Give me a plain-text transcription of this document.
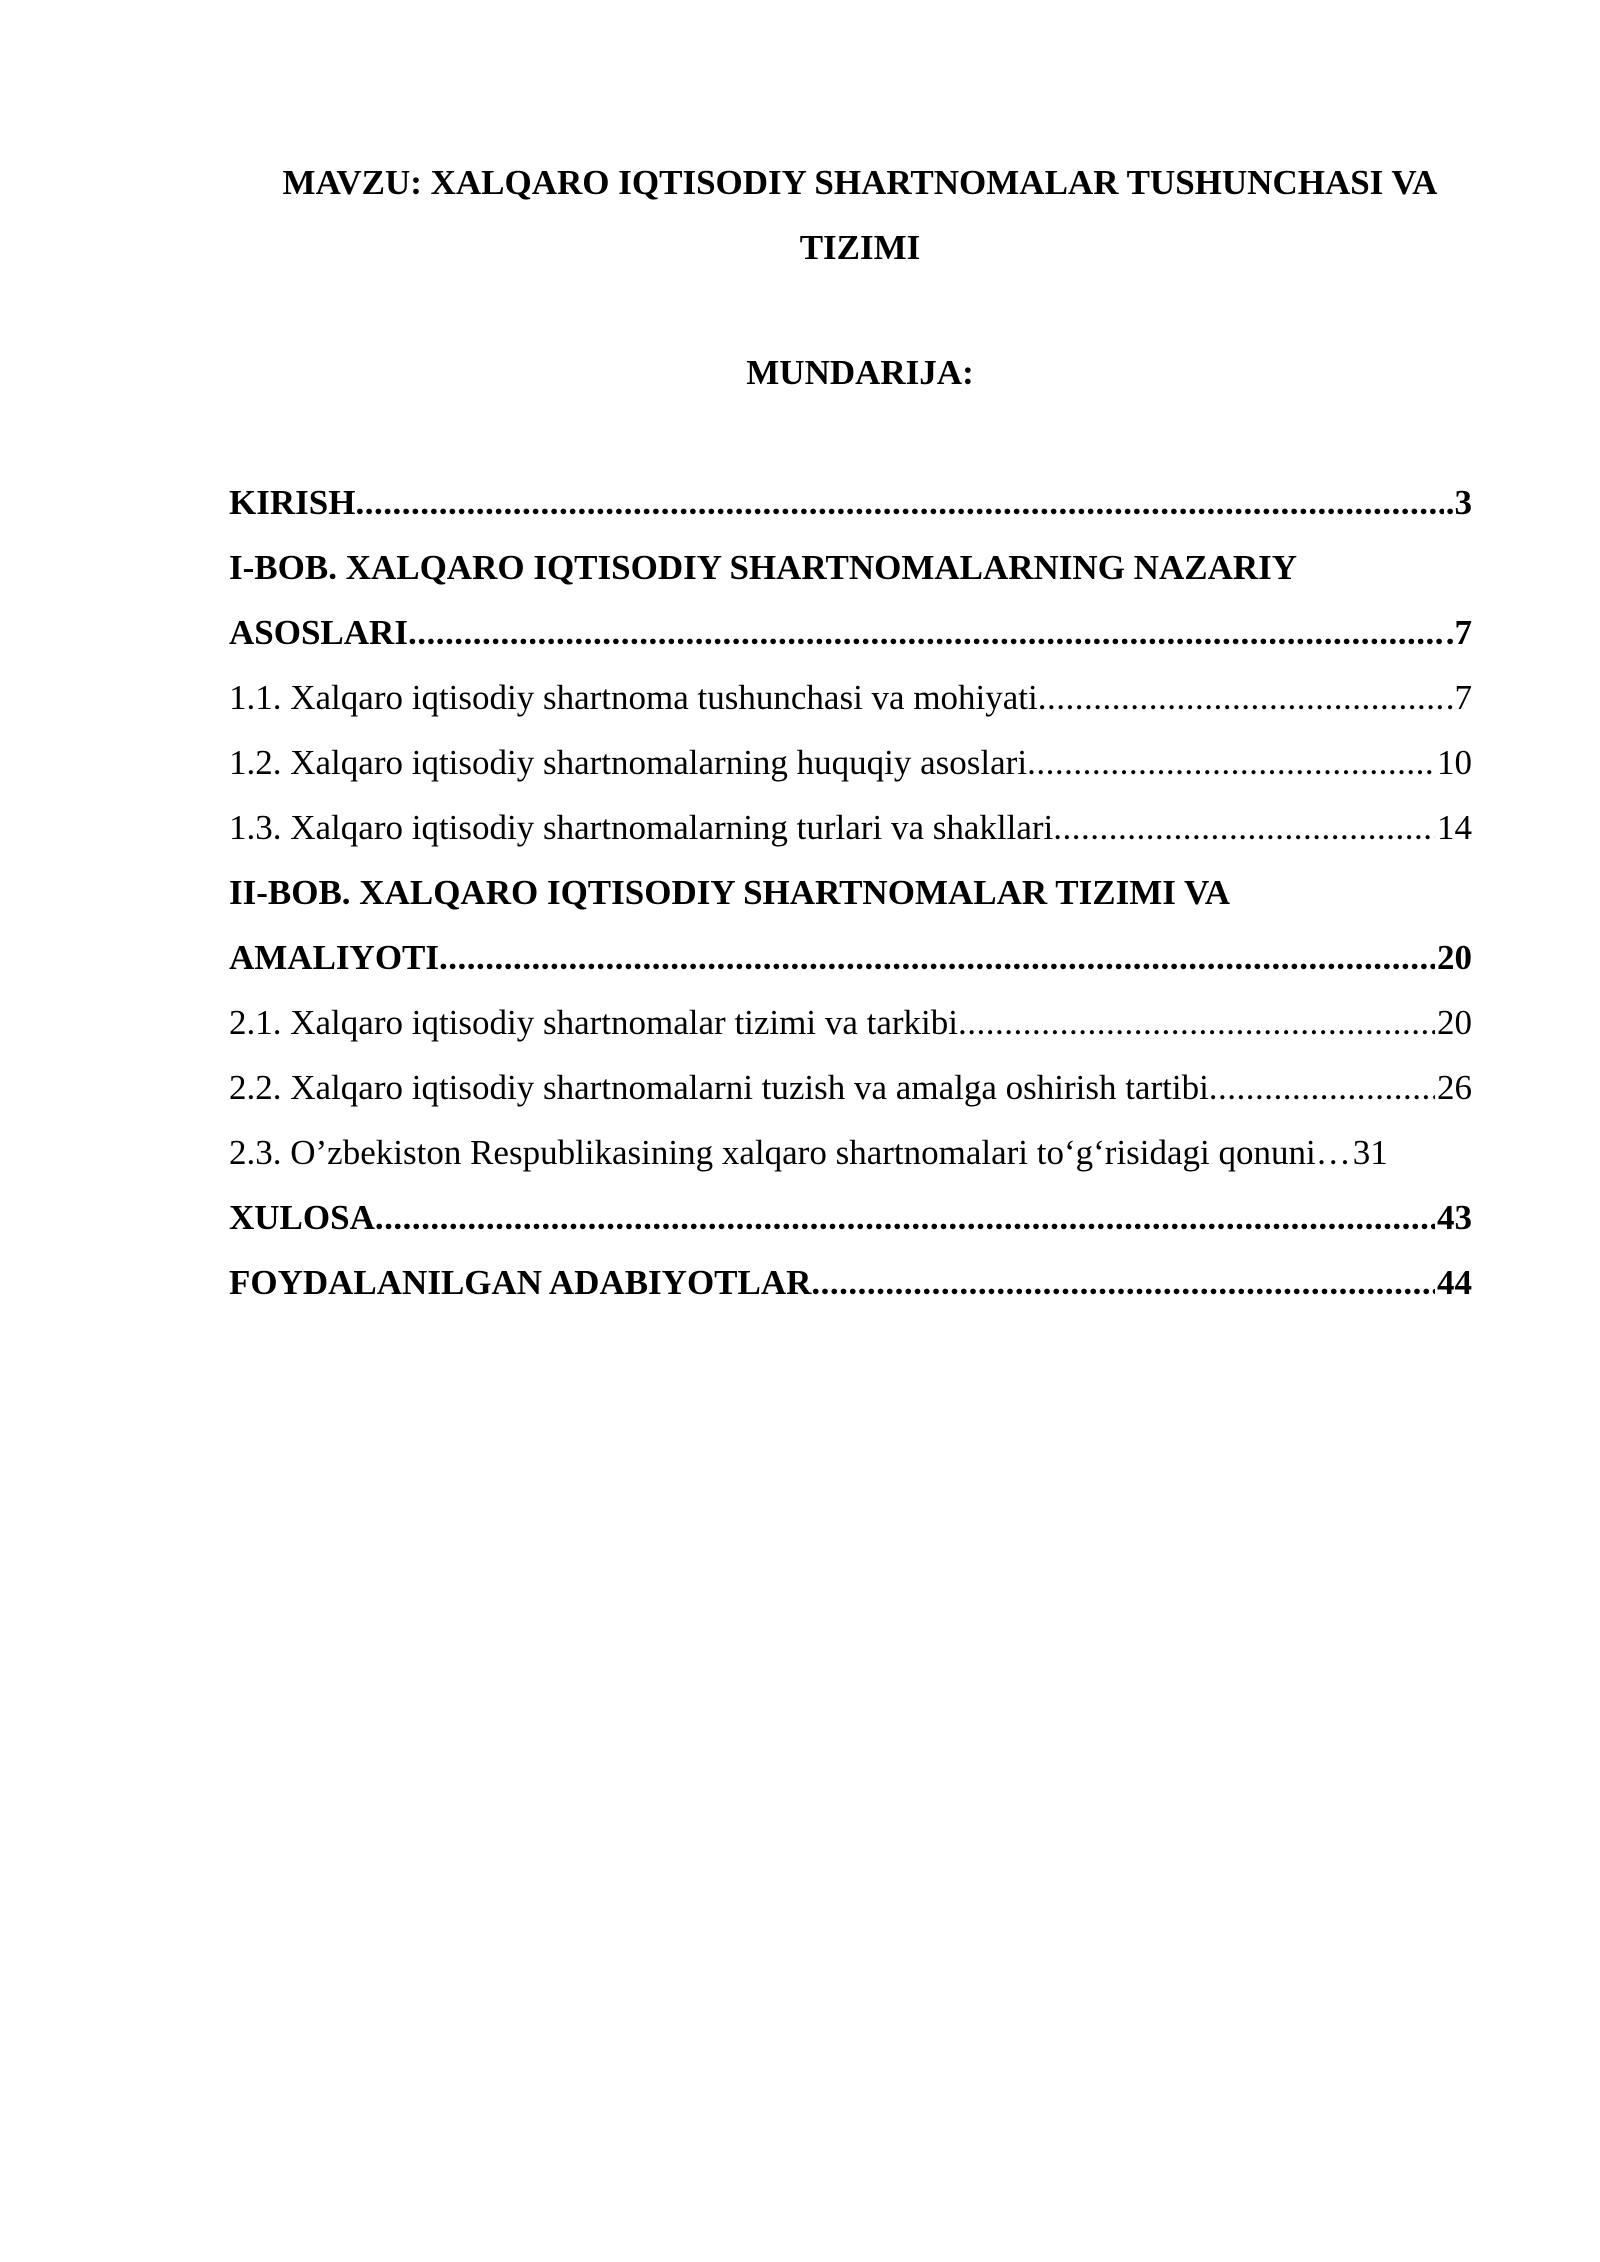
MAVZU: XALQARO IQTISODIY SHARTNOMALAR TUSHUNCHASI VA
TIZIMI
MUNDARIJA:
KIRISH .....	.3
I-BOB. XALQARO IQTISODIY SHARTNOMALARNING NAZARIY
ASOSLARI .....	.7
1.1. Xalqaro iqtisodiy shartnoma tushunchasi va mohiyati .....	.7
1.2. Xalqaro iqtisodiy shartnomalarning huquqiy asoslari .....	10
1.3. Xalqaro iqtisodiy shartnomalarning turlari va shakllari .....	14
II-BOB. XALQARO IQTISODIY SHARTNOMALAR TIZIMI VA
AMALIYOTI .....	20
2.1. Xalqaro iqtisodiy shartnomalar tizimi va tarkibi .....	20
2.2. Xalqaro iqtisodiy shartnomalarni tuzish va amalga oshirish tartibi .....	26
2.3. O’zbekiston Respublikasining xalqaro shartnomalari to‘g‘risidagi qonuni… 31
XULOSA .....	43
FOYDALANILGAN ADABIYOTLAR .....	44
